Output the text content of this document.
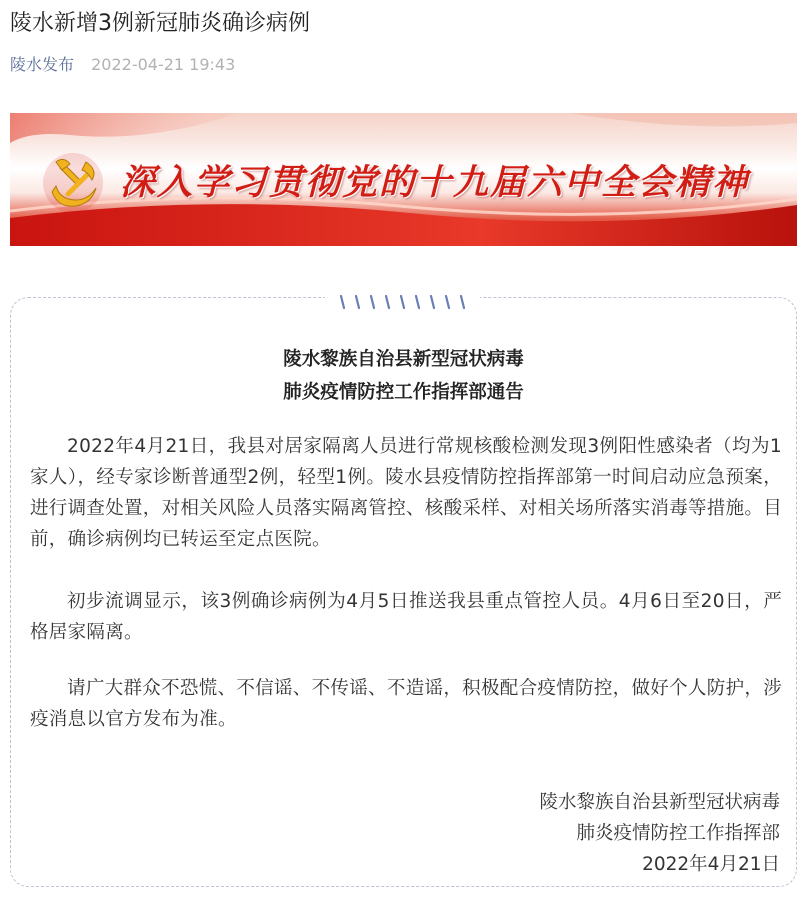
陵水新增3例新冠肺炎确诊病例
陵水发布 2022-04-21 19:43
深入学习贯彻党的十九届六中全会精神
陵水黎族自治县新型冠状病毒
肺炎疫情防控工作指挥部通告
2022年4月21日，我县对居家隔离人员进行常规核酸检测发现3例阳性感染者（均为1家人），经专家诊断普通型2例，轻型1例。陵水县疫情防控指挥部第一时间启动应急预案，进行调查处置，对相关风险人员落实隔离管控、核酸采样、对相关场所落实消毒等措施。目前，确诊病例均已转运至定点医院。
初步流调显示，该3例确诊病例为4月5日推送我县重点管控人员。4月6日至20日，严格居家隔离。
请广大群众不恐慌、不信谣、不传谣、不造谣，积极配合疫情防控，做好个人防护，涉疫消息以官方发布为准。
陵水黎族自治县新型冠状病毒
肺炎疫情防控工作指挥部
2022年4月21日
